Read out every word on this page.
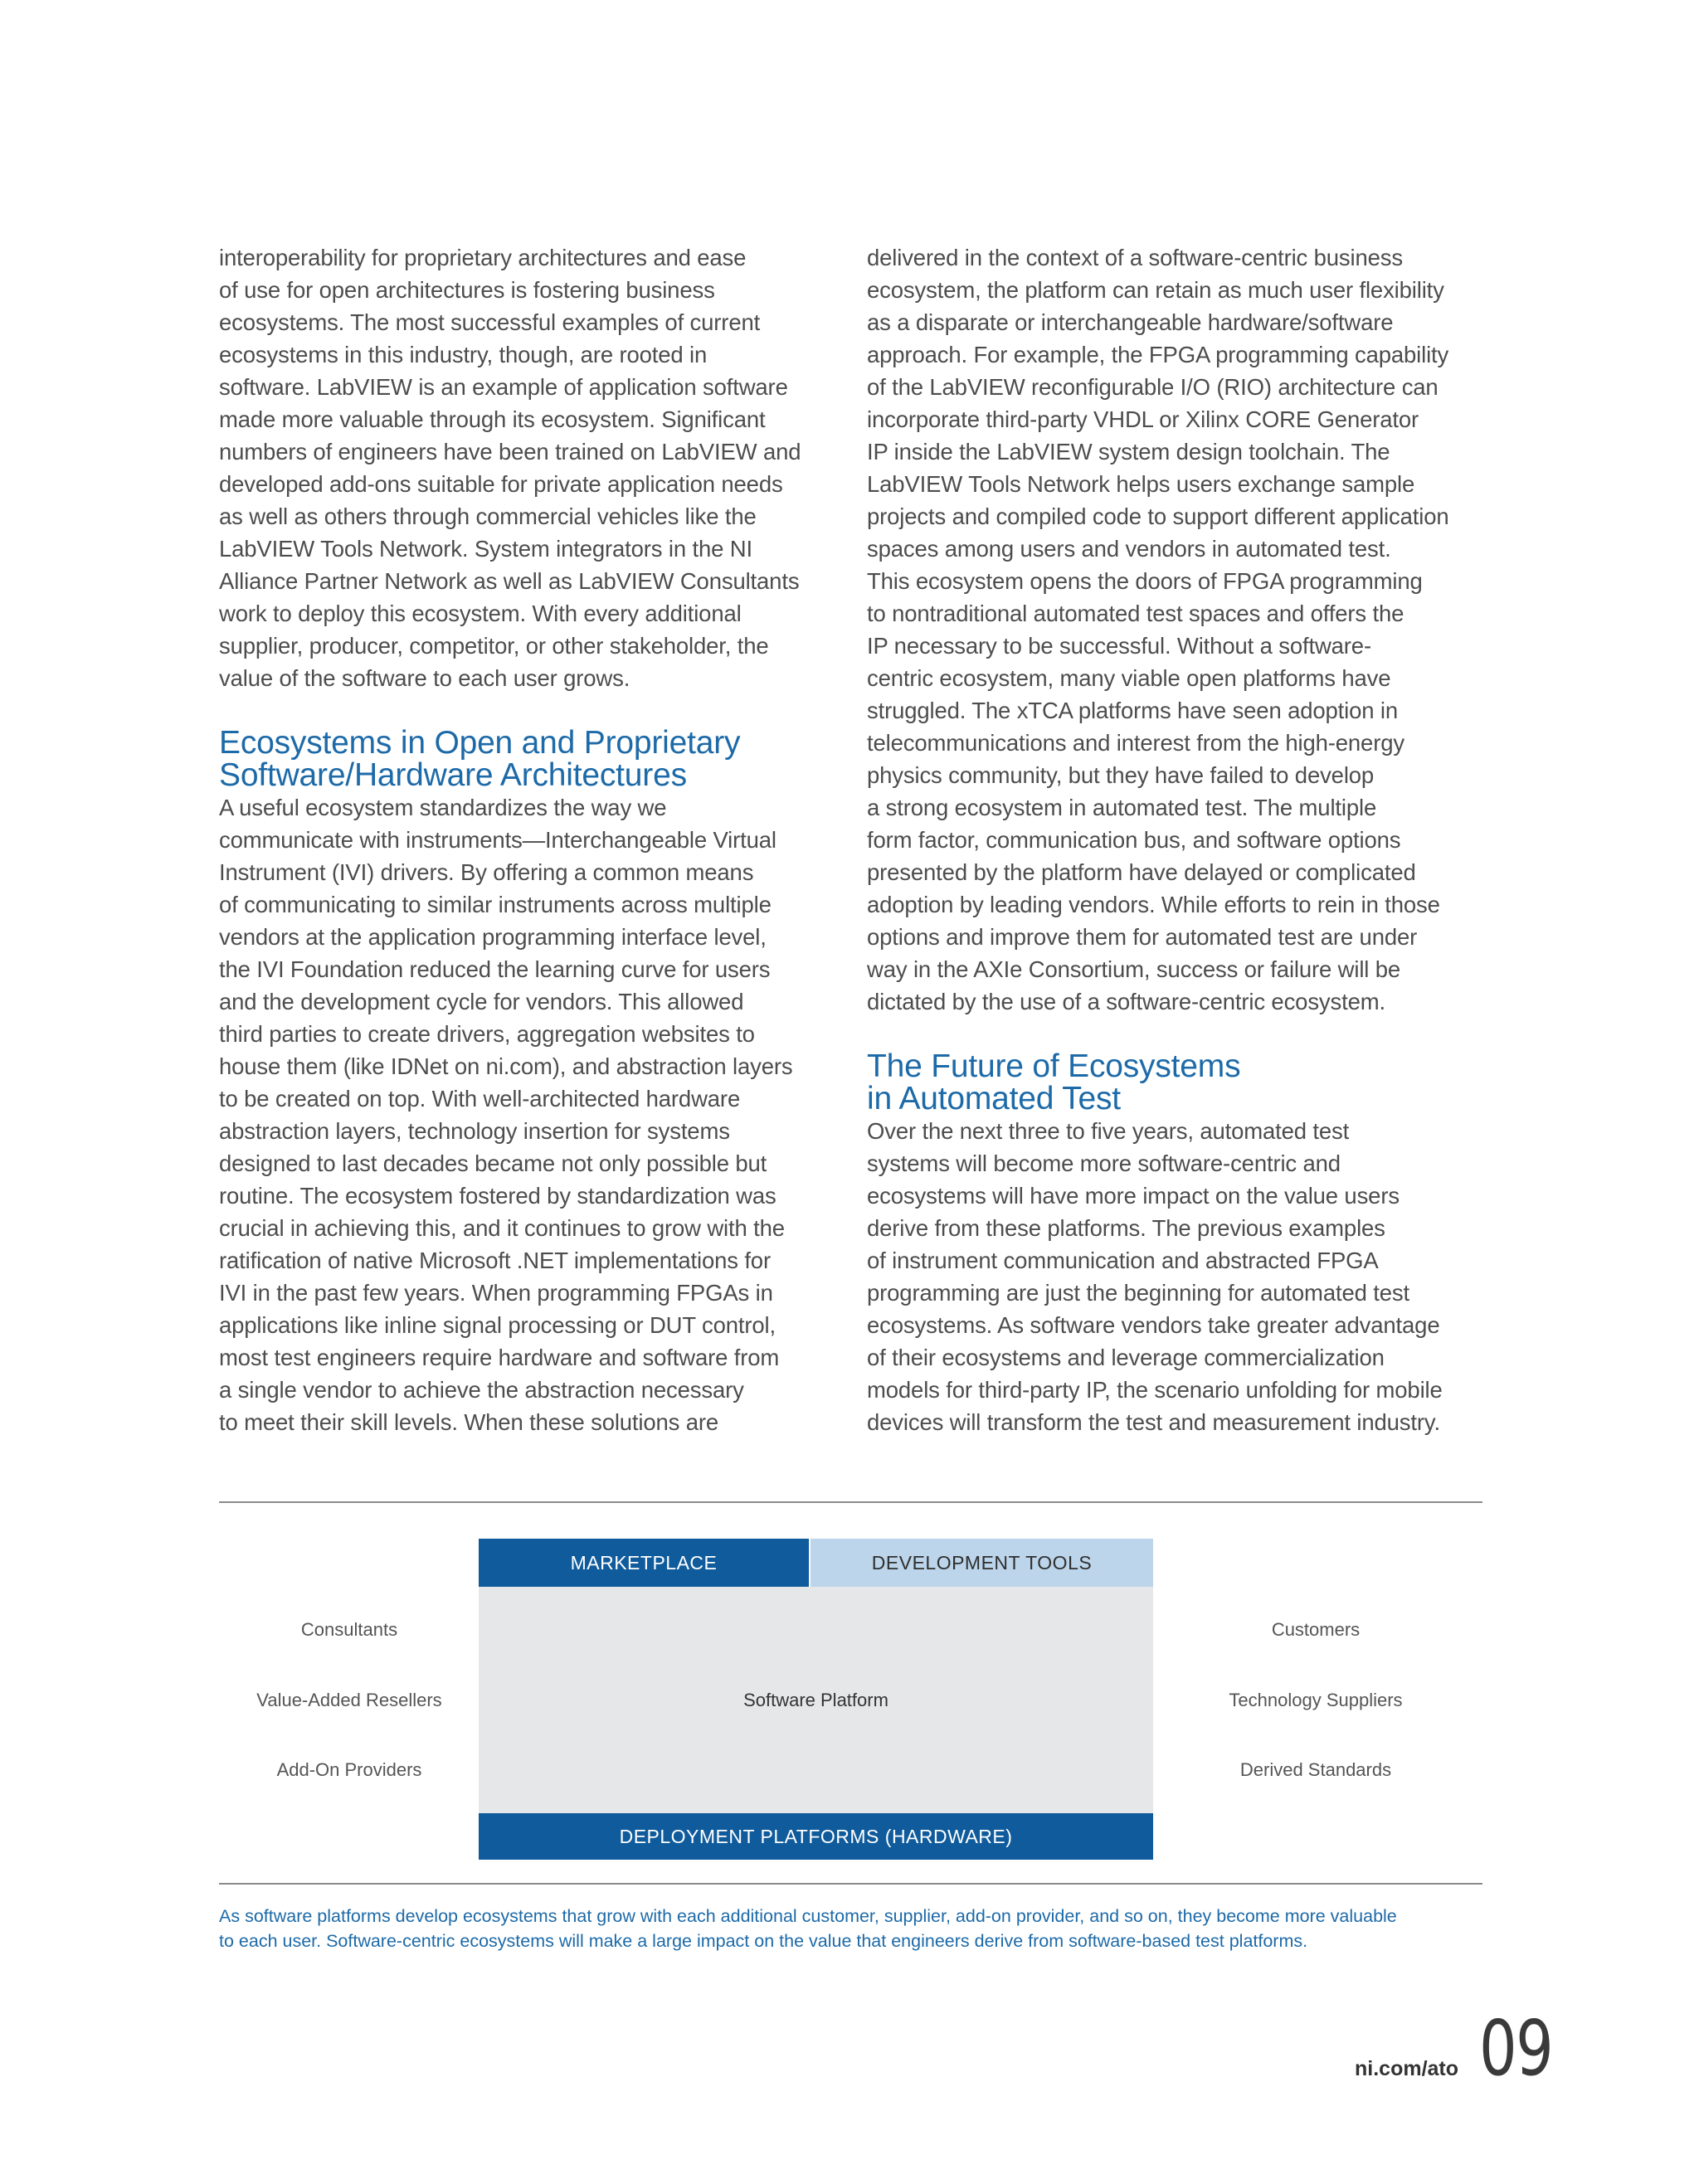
interoperability for proprietary architectures and ease
of use for open architectures is fostering business
ecosystems. The most successful examples of current
ecosystems in this industry, though, are rooted in
software. LabVIEW is an example of application software
made more valuable through its ecosystem. Significant
numbers of engineers have been trained on LabVIEW and
developed add-ons suitable for private application needs
as well as others through commercial vehicles like the
LabVIEW Tools Network. System integrators in the NI
Alliance Partner Network as well as LabVIEW Consultants
work to deploy this ecosystem. With every additional
supplier, producer, competitor, or other stakeholder, the
value of the software to each user grows.

Ecosystems in Open and Proprietary
Software/Hardware Architectures

A useful ecosystem standardizes the way we
communicate with instruments—Interchangeable Virtual
Instrument (IVI) drivers. By offering a common means
of communicating to similar instruments across multiple
vendors at the application programming interface level,
the IVI Foundation reduced the learning curve for users
and the development cycle for vendors. This allowed
third parties to create drivers, aggregation websites to
house them (like IDNet on ni.com), and abstraction layers
to be created on top. With well-architected hardware
abstraction layers, technology insertion for systems
designed to last decades became not only possible but
routine. The ecosystem fostered by standardization was
crucial in achieving this, and it continues to grow with the
ratification of native Microsoft .NET implementations for
IVI in the past few years. When programming FPGAs in
applications like inline signal processing or DUT control,
most test engineers require hardware and software from
a single vendor to achieve the abstraction necessary
to meet their skill levels. When these solutions are

delivered in the context of a software-centric business
ecosystem, the platform can retain as much user flexibility
as a disparate or interchangeable hardware/software
approach. For example, the FPGA programming capability
of the LabVIEW reconfigurable I/O (RIO) architecture can
incorporate third-party VHDL or Xilinx CORE Generator
IP inside the LabVIEW system design toolchain. The
LabVIEW Tools Network helps users exchange sample
projects and compiled code to support different application
spaces among users and vendors in automated test.
This ecosystem opens the doors of FPGA programming
to nontraditional automated test spaces and offers the
IP necessary to be successful. Without a software-
centric ecosystem, many viable open platforms have
struggled. The xTCA platforms have seen adoption in
telecommunications and interest from the high-energy
physics community, but they have failed to develop
a strong ecosystem in automated test. The multiple
form factor, communication bus, and software options
presented by the platform have delayed or complicated
adoption by leading vendors. While efforts to rein in those
options and improve them for automated test are under
way in the AXIe Consortium, success or failure will be
dictated by the use of a software-centric ecosystem.

The Future of Ecosystems
in Automated Test

Over the next three to five years, automated test
systems will become more software-centric and
ecosystems will have more impact on the value users
derive from these platforms. The previous examples
of instrument communication and abstracted FPGA
programming are just the beginning for automated test
ecosystems. As software vendors take greater advantage
of their ecosystems and leverage commercialization
models for third-party IP, the scenario unfolding for mobile
devices will transform the test and measurement industry.

MARKETPLACE	DEVELOPMENT TOOLS
Software Platform
DEPLOYMENT PLATFORMS (HARDWARE)
Consultants
Value-Added Resellers
Add-On Providers
Customers
Technology Suppliers
Derived Standards
As software platforms develop ecosystems that grow with each additional customer, supplier, add-on provider, and so on, they become more valuable
to each user. Software-centric ecosystems will make a large impact on the value that engineers derive from software-based test platforms.
ni.com/ato 09
